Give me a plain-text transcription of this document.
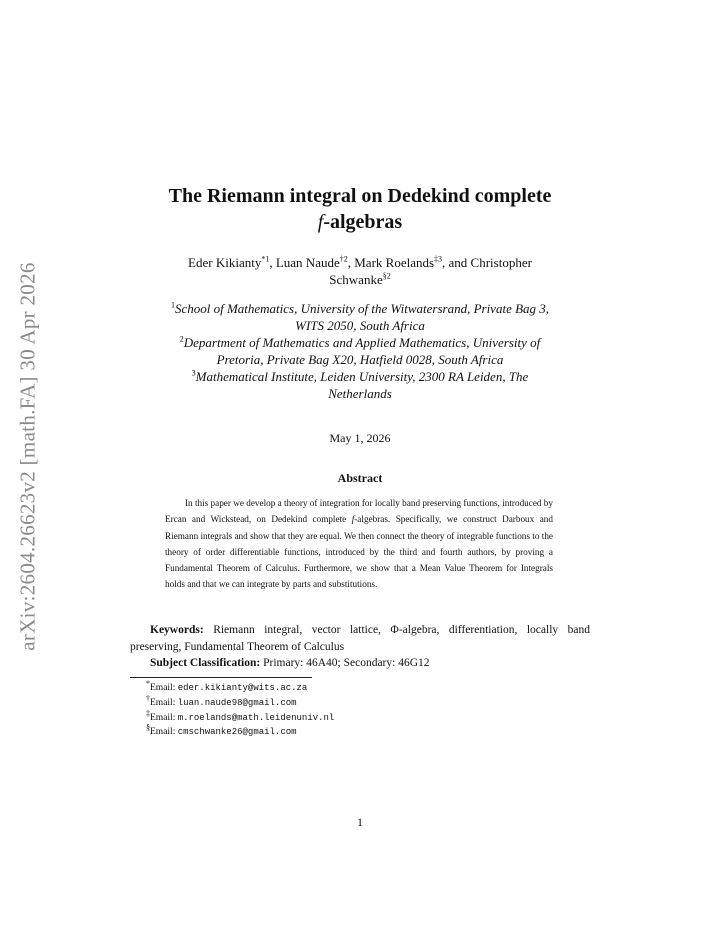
arXiv:2604.26623v2 [math.FA] 30 Apr 2026
The Riemann integral on Dedekind complete
f-algebras
Eder Kikianty$^{*1}$, Luan Naude$^{\dagger 2}$, Mark Roelands$^{\ddagger 3}$, and Christopher
Schwanke$^{\S 2}$
$^1$School of Mathematics, University of the Witwatersrand, Private Bag 3,
WITS 2050, South Africa
$^2$Department of Mathematics and Applied Mathematics, University of
Pretoria, Private Bag X20, Hatfield 0028, South Africa
$^3$Mathematical Institute, Leiden University, 2300 RA Leiden, The
Netherlands
May 1, 2026
Abstract

In this paper we develop a theory of integration for locally band preserving functions, introduced by Ercan and Wickstead, on Dedekind complete f-algebras. Specifically, we construct Darboux and Riemann integrals and show that they are equal. We then connect the theory of integrable functions to the theory of order differentiable functions, introduced by the third and fourth authors, by proving a Fundamental Theorem of Calculus. Furthermore, we show that a Mean Value Theorem for Integrals holds and that we can integrate by parts and substitutions.

Keywords: Riemann integral, vector lattice, Φ-algebra, differentiation, locally band preserving, Fundamental Theorem of Calculus

Subject Classification: Primary: 46A40; Secondary: 46G12
*Email: eder.kikianty@wits.ac.za
†Email: luan.naude98@gmail.com
‡Email: m.roelands@math.leidenuniv.nl
§Email: cmschwanke26@gmail.com
1
